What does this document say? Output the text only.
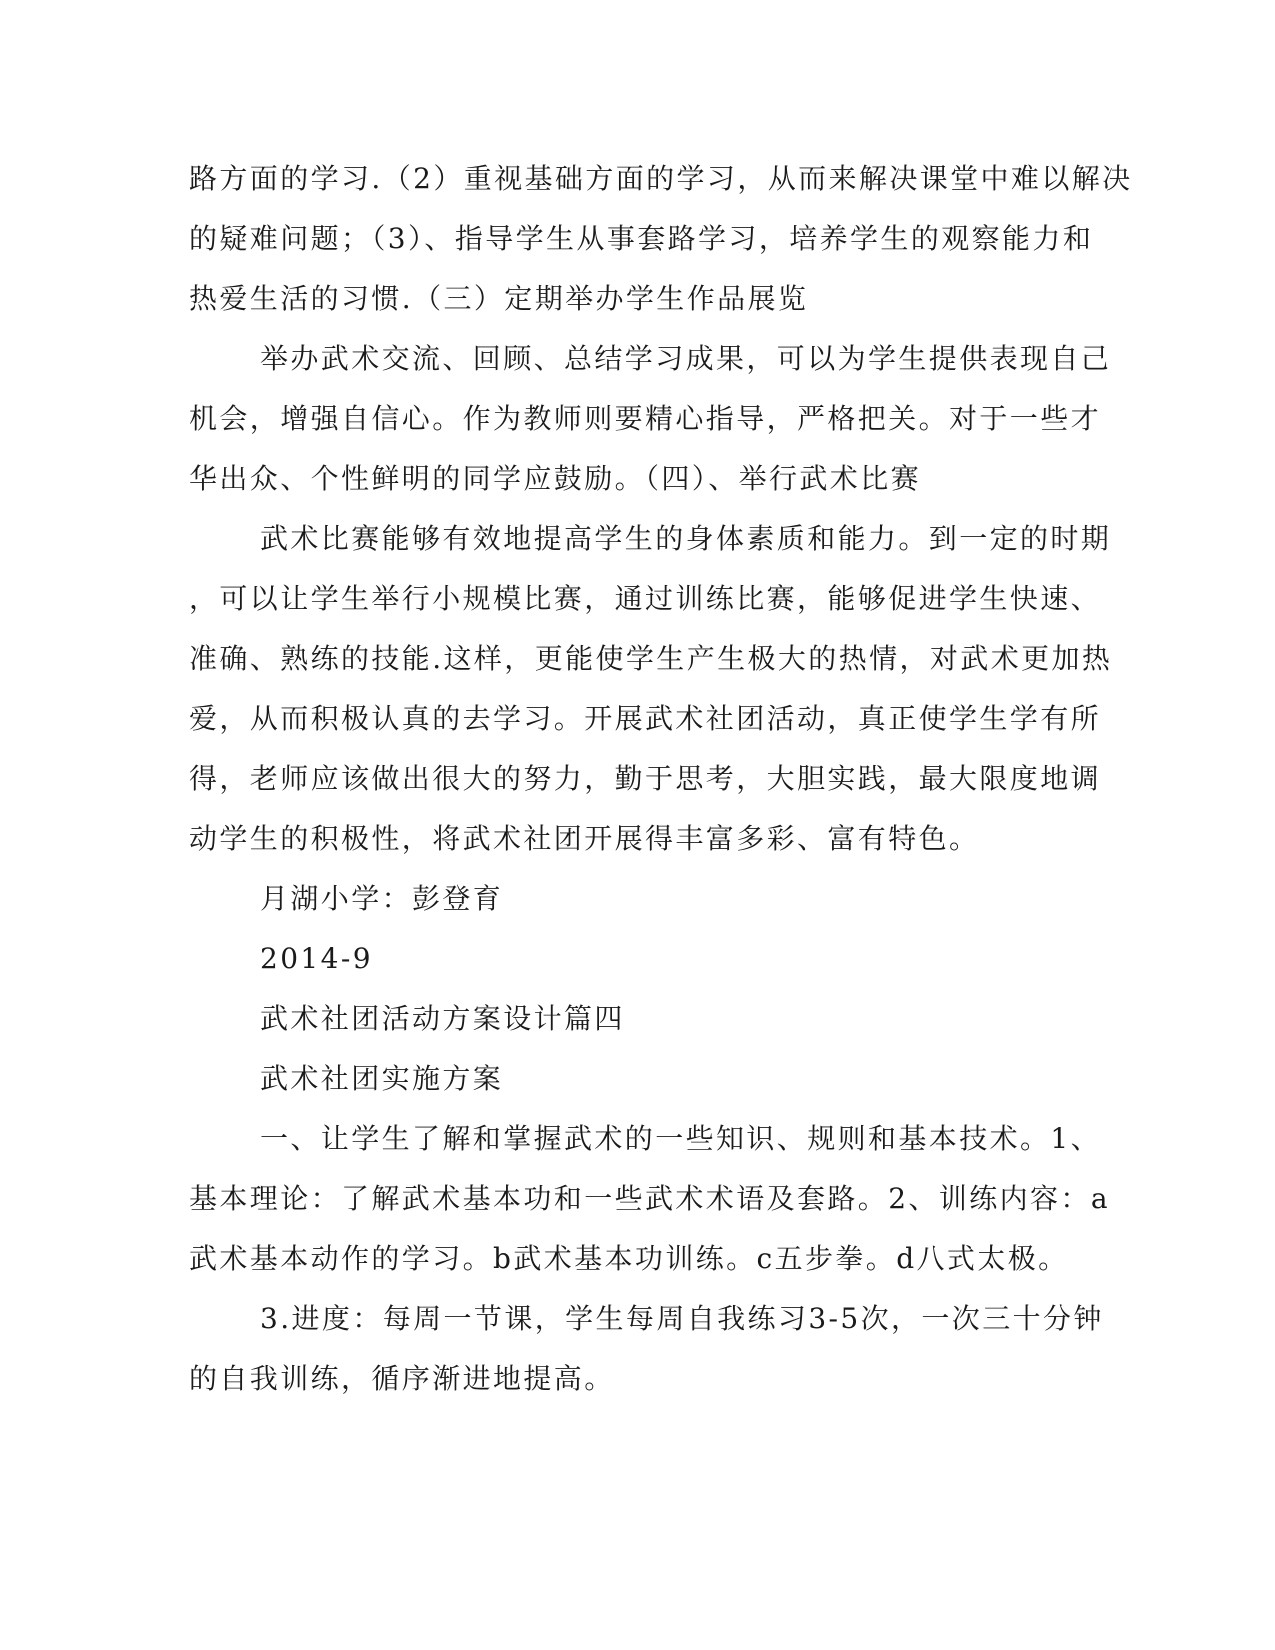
路方面的学习.（2）重视基础方面的学习，从而来解决课堂中难以解决
的疑难问题；（3）、指导学生从事套路学习，培养学生的观察能力和
热爱生活的习惯.（三）定期举办学生作品展览
举办武术交流、回顾、总结学习成果，可以为学生提供表现自己
机会，增强自信心。作为教师则要精心指导，严格把关。对于一些才
华出众、个性鲜明的同学应鼓励。（四）、举行武术比赛
武术比赛能够有效地提高学生的身体素质和能力。到一定的时期
，可以让学生举行小规模比赛，通过训练比赛，能够促进学生快速、
准确、熟练的技能.这样，更能使学生产生极大的热情，对武术更加热
爱，从而积极认真的去学习。开展武术社团活动，真正使学生学有所
得，老师应该做出很大的努力，勤于思考，大胆实践，最大限度地调
动学生的积极性，将武术社团开展得丰富多彩、富有特色。
月湖小学：彭登育
2014-9
武术社团活动方案设计篇四
武术社团实施方案
一、让学生了解和掌握武术的一些知识、规则和基本技术。1、
基本理论：了解武术基本功和一些武术术语及套路。2、训练内容：a
武术基本动作的学习。b武术基本功训练。c五步拳。d八式太极。
3.进度：每周一节课，学生每周自我练习3-5次，一次三十分钟
的自我训练，循序渐进地提高。
